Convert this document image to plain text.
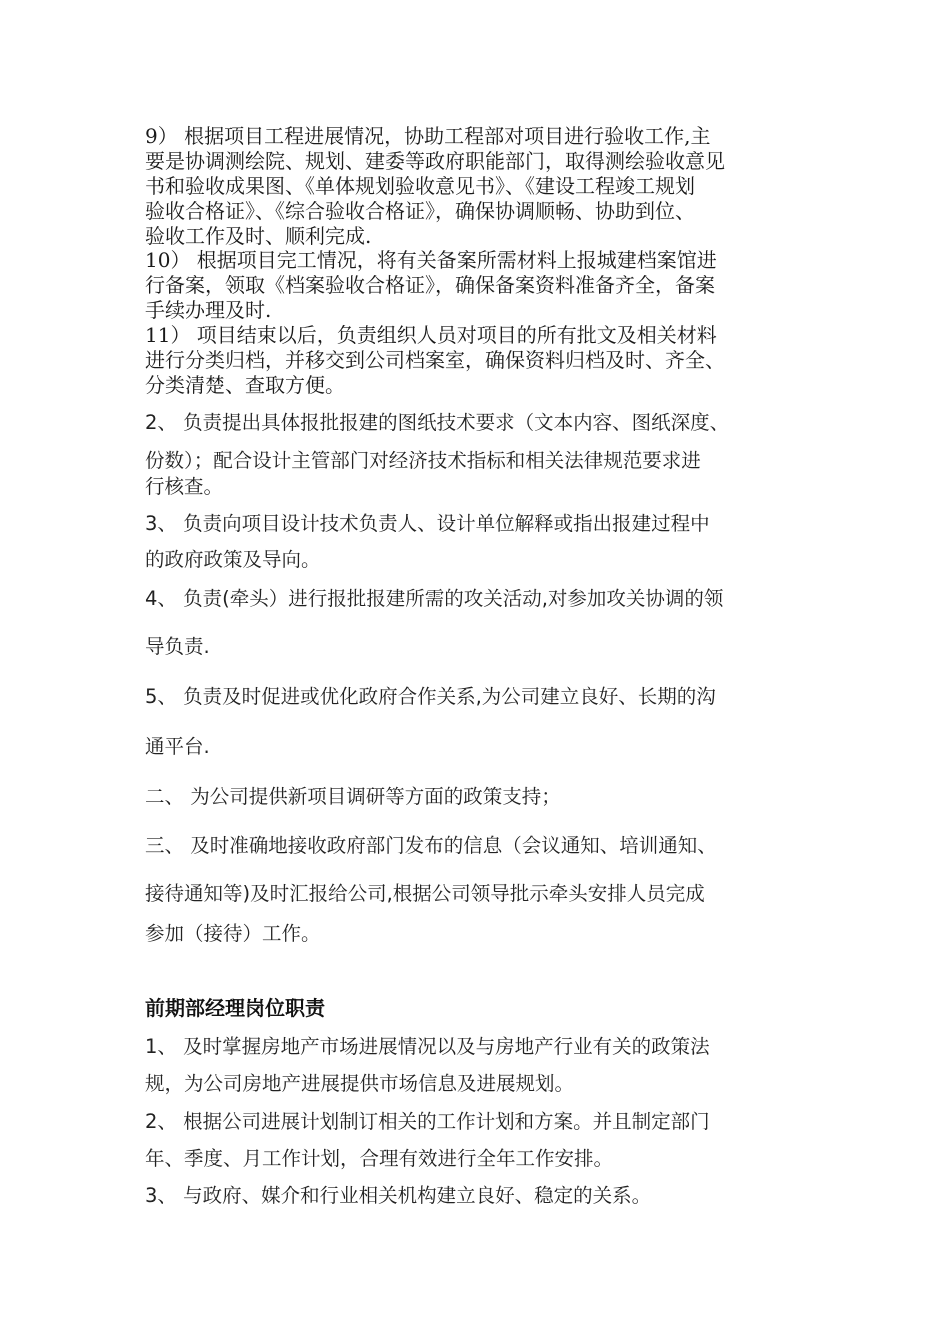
9） 根据项目工程进展情况，协助工程部对项目进行验收工作,主
要是协调测绘院、规划、建委等政府职能部门，取得测绘验收意见
书和验收成果图、《单体规划验收意见书》、《建设工程竣工规划
验收合格证》、《综合验收合格证》，确保协调顺畅、协助到位、
验收工作及时、顺利完成.
10） 根据项目完工情况，将有关备案所需材料上报城建档案馆进
行备案，领取《档案验收合格证》，确保备案资料准备齐全，备案
手续办理及时.
11） 项目结束以后，负责组织人员对项目的所有批文及相关材料
进行分类归档，并移交到公司档案室，确保资料归档及时、齐全、
分类清楚、查取方便。
2、 负责提出具体报批报建的图纸技术要求（文本内容、图纸深度、
份数）；配合设计主管部门对经济技术指标和相关法律规范要求进
行核查。
3、 负责向项目设计技术负责人、设计单位解释或指出报建过程中
的政府政策及导向。
4、 负责(牵头）进行报批报建所需的攻关活动,对参加攻关协调的领
导负责.
5、 负责及时促进或优化政府合作关系,为公司建立良好、长期的沟
通平台.
二、 为公司提供新项目调研等方面的政策支持；
三、 及时准确地接收政府部门发布的信息（会议通知、培训通知、
接待通知等)及时汇报给公司,根据公司领导批示牵头安排人员完成
参加（接待）工作。
前期部经理岗位职责
1、 及时掌握房地产市场进展情况以及与房地产行业有关的政策法
规，为公司房地产进展提供市场信息及进展规划。
2、 根据公司进展计划制订相关的工作计划和方案。并且制定部门
年、季度、月工作计划，合理有效进行全年工作安排。
3、 与政府、媒介和行业相关机构建立良好、稳定的关系。
